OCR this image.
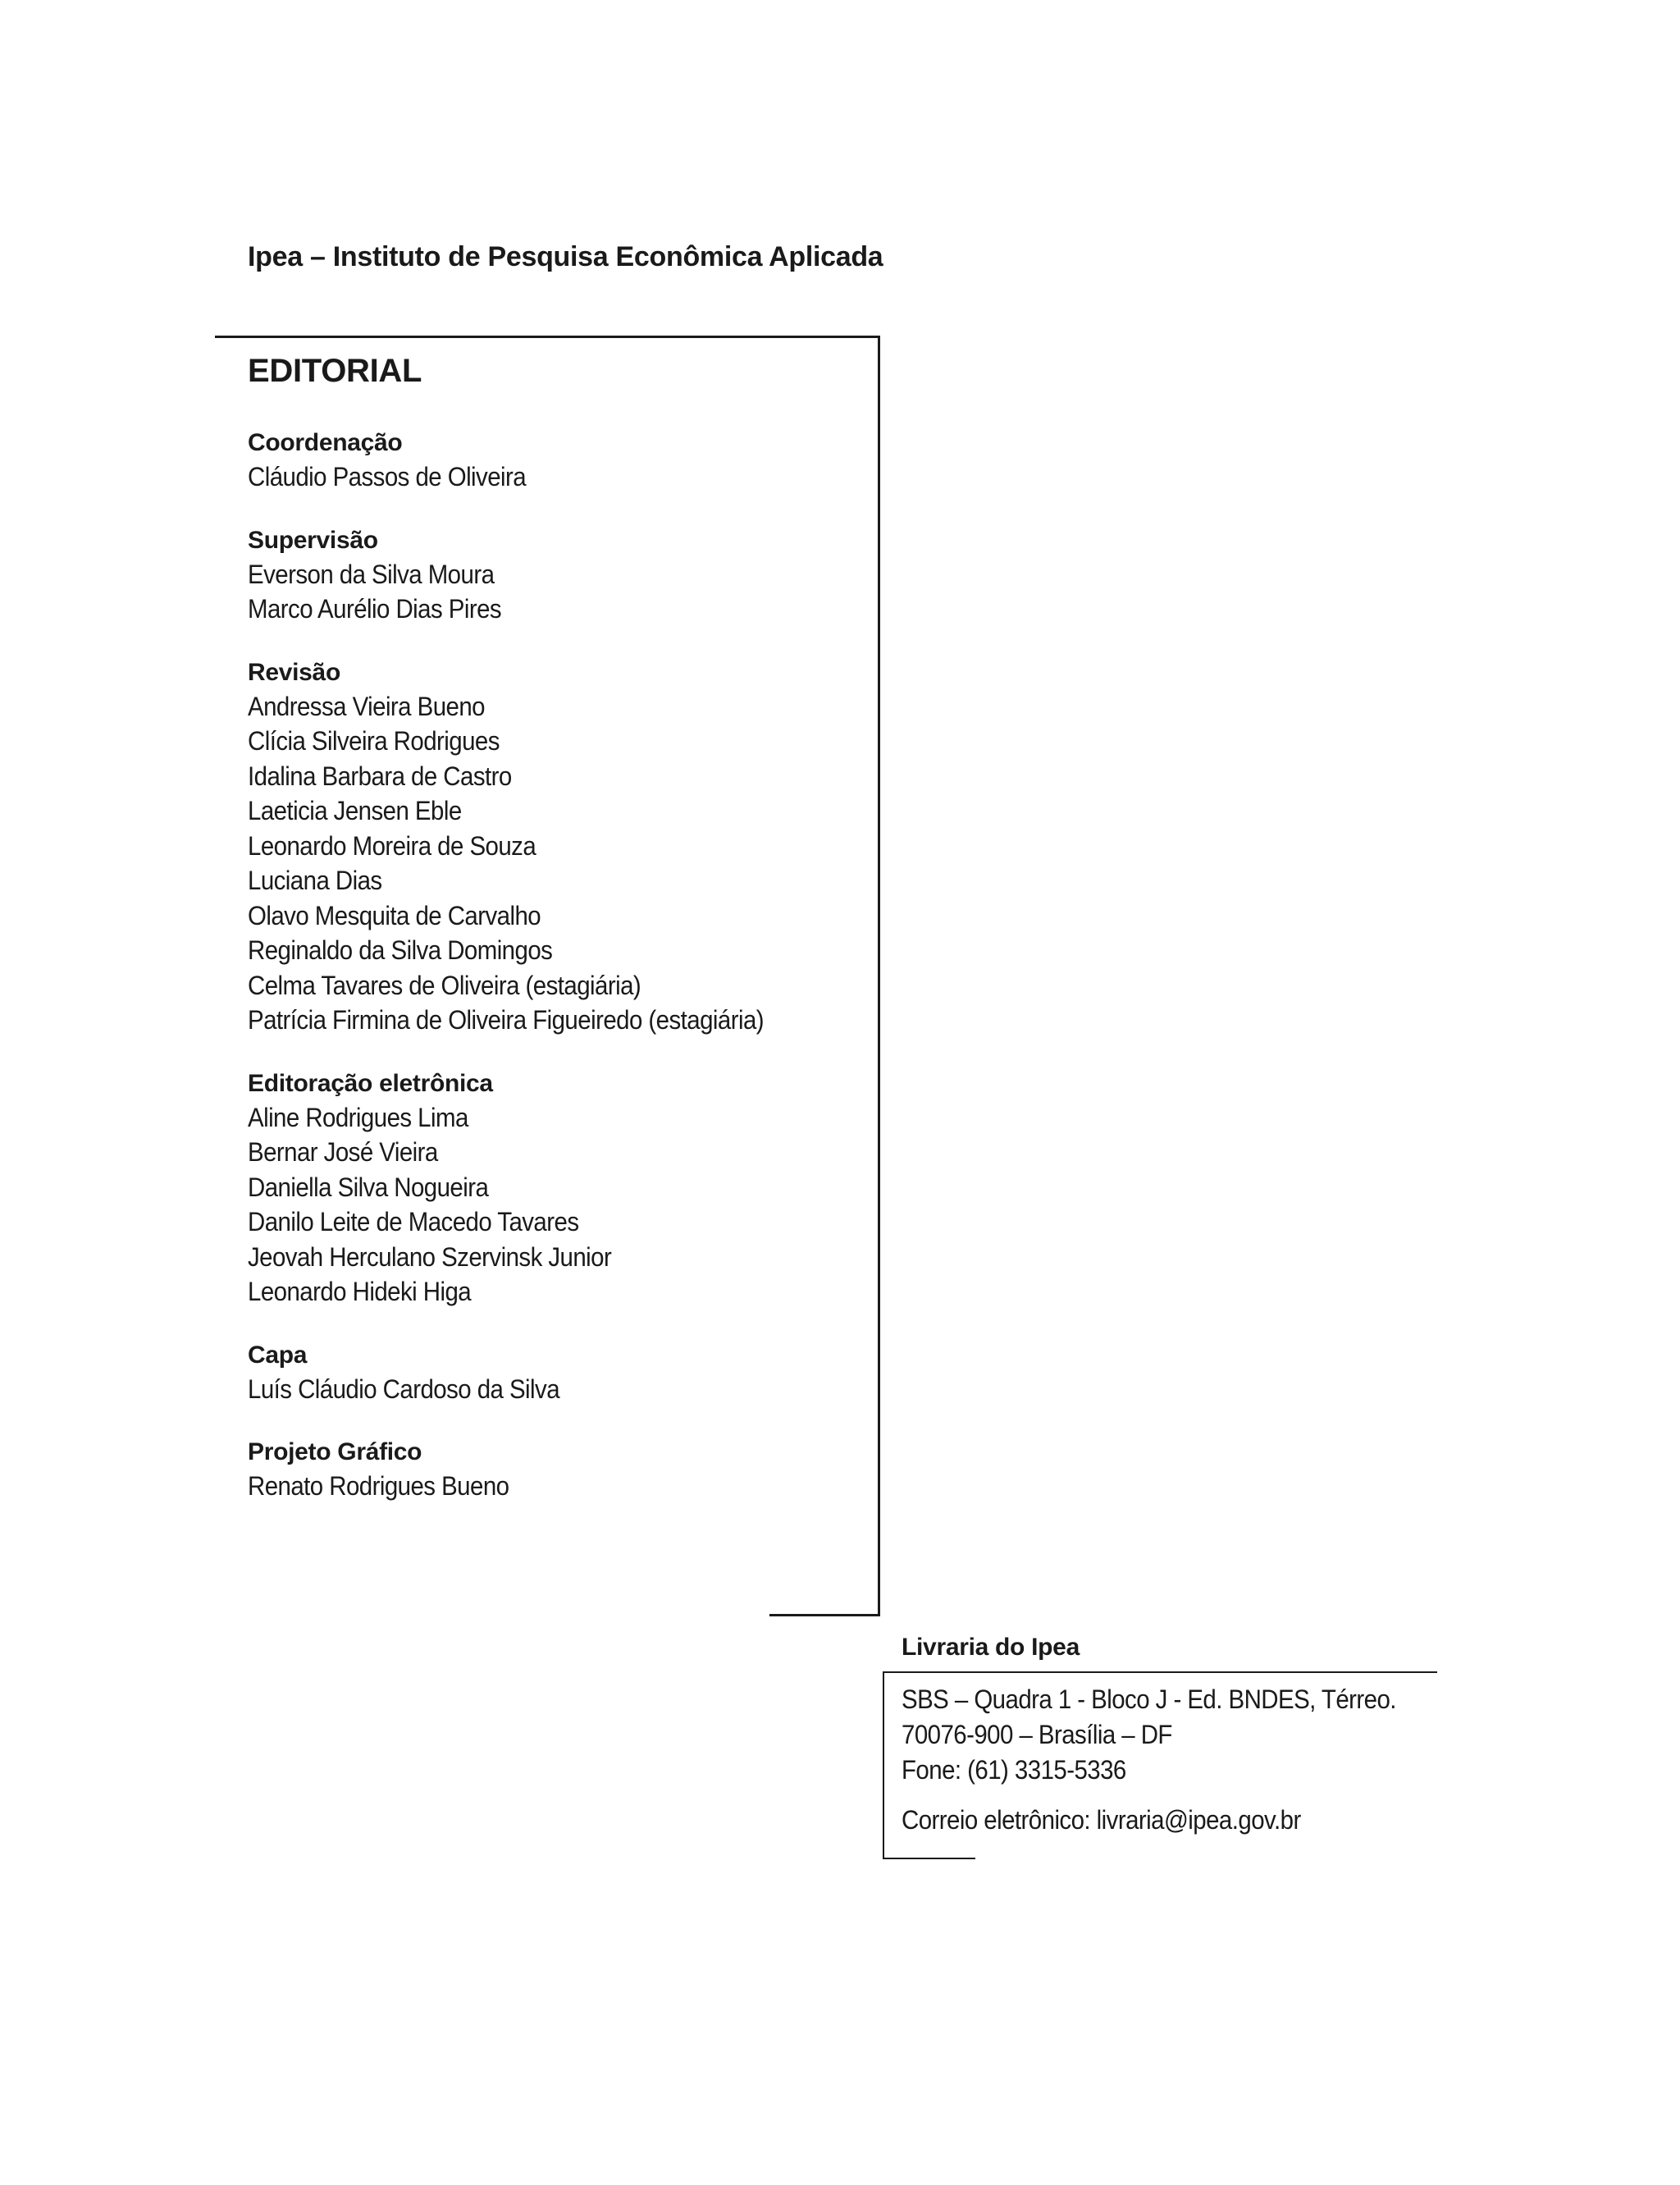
Ipea – Instituto de Pesquisa Econômica Aplicada
EDITORIAL
Coordenação
Cláudio Passos de Oliveira
Supervisão
Everson da Silva Moura
Marco Aurélio Dias Pires
Revisão
Andressa Vieira Bueno
Clícia Silveira Rodrigues
Idalina Barbara de Castro
Laeticia Jensen Eble
Leonardo Moreira de Souza
Luciana Dias
Olavo Mesquita de Carvalho
Reginaldo da Silva Domingos
Celma Tavares de Oliveira (estagiária)
Patrícia Firmina de Oliveira Figueiredo (estagiária)
Editoração eletrônica
Aline Rodrigues Lima
Bernar José Vieira
Daniella Silva Nogueira
Danilo Leite de Macedo Tavares
Jeovah Herculano Szervinsk Junior
Leonardo Hideki Higa
Capa
Luís Cláudio Cardoso da Silva
Projeto Gráfico
Renato Rodrigues Bueno
Livraria do Ipea
SBS – Quadra 1 - Bloco J - Ed. BNDES, Térreo.
70076-900 – Brasília – DF
Fone: (61) 3315-5336
Correio eletrônico: livraria@ipea.gov.br
